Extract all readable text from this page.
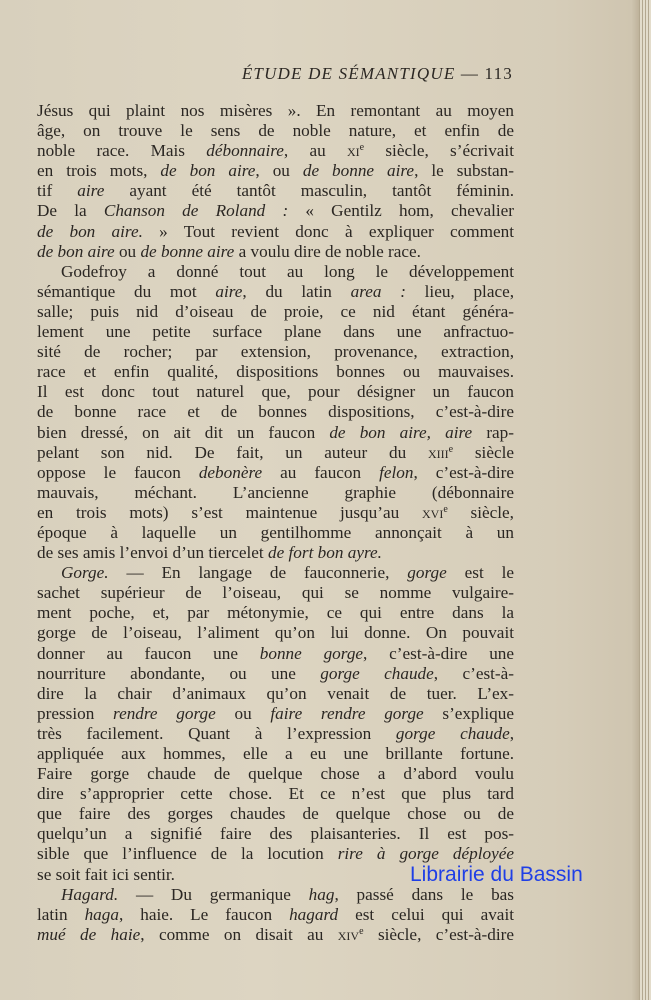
ÉTUDE DE SÉMANTIQUE — 113
Jésus qui plaint nos misères ». En remontant au moyen
âge, on trouve le sens de noble nature, et enfin de
noble race. Mais débonnaire, au $xi^e$ siècle, s’écrivait
en trois mots, de bon aire, ou de bonne aire, le substan-
tif aire ayant été tantôt masculin, tantôt féminin.
De la Chanson de Roland : « Gentilz hom, chevalier
de bon aire. » Tout revient donc à expliquer comment
de bon aire ou de bonne aire a voulu dire de noble race.
Godefroy a donné tout au long le développement
sémantique du mot aire, du latin area : lieu, place,
salle; puis nid d’oiseau de proie, ce nid étant généra-
lement une petite surface plane dans une anfractuo-
sité de rocher; par extension, provenance, extraction,
race et enfin qualité, dispositions bonnes ou mauvaises.
Il est donc tout naturel que, pour désigner un faucon
de bonne race et de bonnes dispositions, c’est-à-dire
bien dressé, on ait dit un faucon de bon aire, aire rap-
pelant son nid. De fait, un auteur du xiii$^e$ siècle
oppose le faucon debonère au faucon felon, c’est-à-dire
mauvais, méchant. L’ancienne graphie (débonnaire
en trois mots) s’est maintenue jusqu’au xvi$^e$ siècle,
époque à laquelle un gentilhomme annonçait à un
de ses amis l’envoi d’un tiercelet de fort bon ayre.
Gorge. — En langage de fauconnerie, gorge est le
sachet supérieur de l’oiseau, qui se nomme vulgaire-
ment poche, et, par métonymie, ce qui entre dans la
gorge de l’oiseau, l’aliment qu’on lui donne. On pouvait
donner au faucon une bonne gorge, c’est-à-dire une
nourriture abondante, ou une gorge chaude, c’est-à-
dire la chair d’animaux qu’on venait de tuer. L’ex-
pression rendre gorge ou faire rendre gorge s’explique
très facilement. Quant à l’expression gorge chaude,
appliquée aux hommes, elle a eu une brillante fortune.
Faire gorge chaude de quelque chose a d’abord voulu
dire s’approprier cette chose. Et ce n’est que plus tard
que faire des gorges chaudes de quelque chose ou de
quelqu’un a signifié faire des plaisanteries. Il est pos-
sible que l’influence de la locution rire à gorge déployée
se soit fait ici sentir.
Hagard. — Du germanique hag, passé dans le bas
latin haga, haie. Le faucon hagard est celui qui avait
mué de haie, comme on disait au xiv$^e$ siècle, c’est-à-dire
Librairie du Bassin
